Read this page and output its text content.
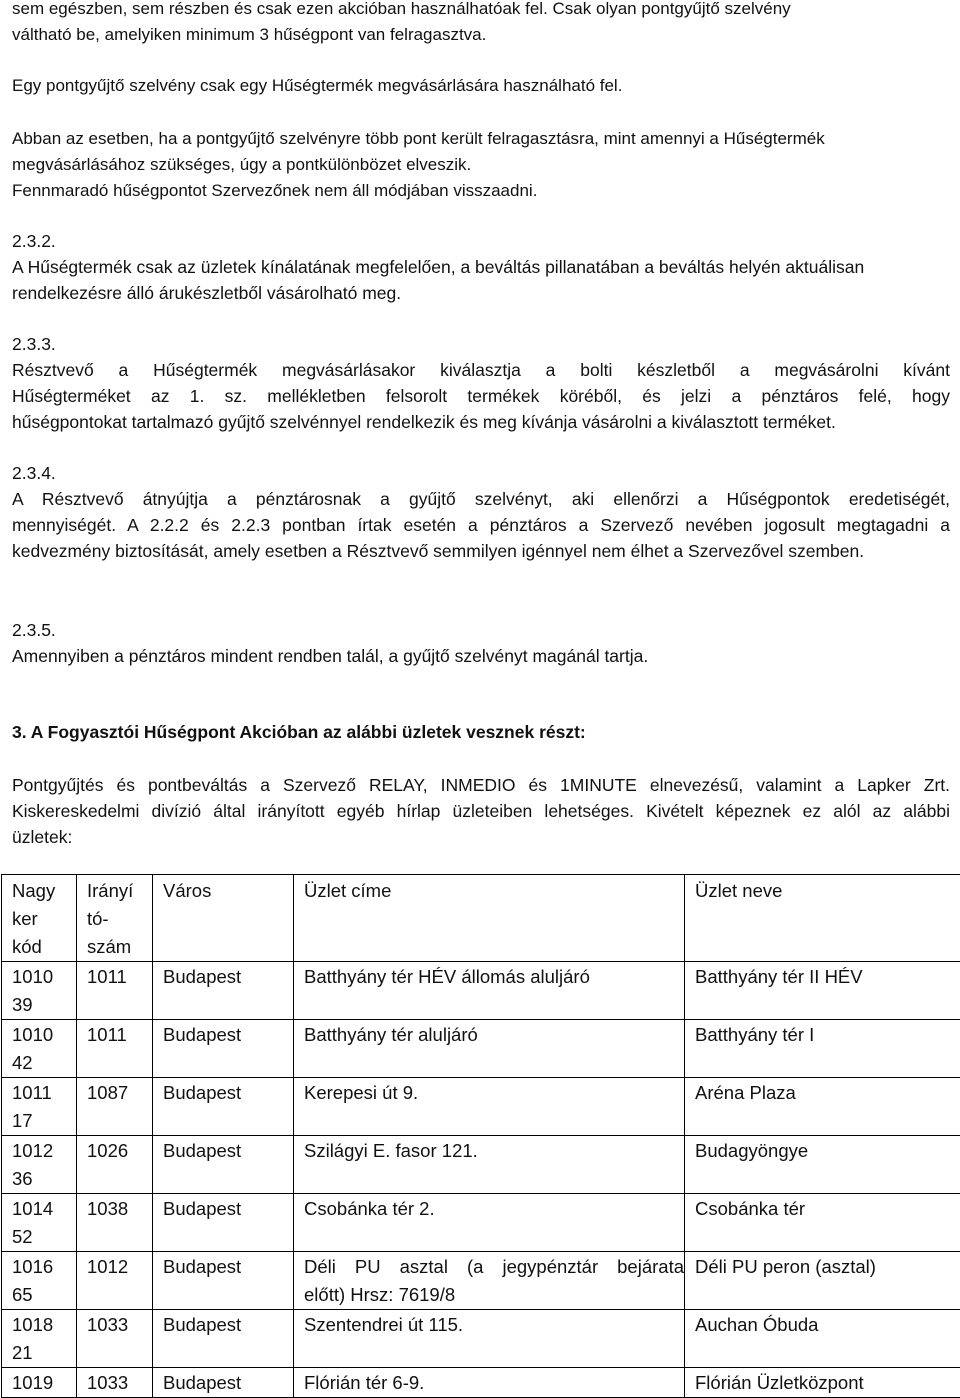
sem egészben, sem részben és csak ezen akcióban használhatóak fel. Csak olyan pontgyűjtő szelvény
váltható be, amelyiken minimum 3 hűségpont van felragasztva.
Egy pontgyűjtő szelvény csak egy Hűségtermék megvásárlására használható fel.
Abban az esetben, ha a pontgyűjtő szelvényre több pont került felragasztásra, mint amennyi a Hűségtermék
megvásárlásához szükséges, úgy a pontkülönbözet elveszik.
Fennmaradó hűségpontot Szervezőnek nem áll módjában visszaadni.
2.3.2.
A Hűségtermék csak az üzletek kínálatának megfelelően, a beváltás pillanatában a beváltás helyén aktuálisan
rendelkezésre álló árukészletből vásárolható meg.
2.3.3.
Résztvevő a Hűségtermék megvásárlásakor kiválasztja a bolti készletből a megvásárolni kívánt
Hűségterméket az 1. sz. mellékletben felsorolt termékek köréből, és jelzi a pénztáros felé, hogy
hűségpontokat tartalmazó gyűjtő szelvénnyel rendelkezik és meg kívánja vásárolni a kiválasztott terméket.
2.3.4.
A Résztvevő átnyújtja a pénztárosnak a gyűjtő szelvényt, aki ellenőrzi a Hűségpontok eredetiségét,
mennyiségét. A 2.2.2 és 2.2.3 pontban írtak esetén a pénztáros a Szervező nevében jogosult megtagadni a
kedvezmény biztosítását, amely esetben a Résztvevő semmilyen igénnyel nem élhet a Szervezővel szemben.
2.3.5.
Amennyiben a pénztáros mindent rendben talál, a gyűjtő szelvényt magánál tartja.
3. A Fogyasztói Hűségpont Akcióban az alábbi üzletek vesznek részt:
Pontgyűjtés és pontbeváltás a Szervező RELAY, INMEDIO és 1MINUTE elnevezésű, valamint a Lapker Zrt.
Kiskereskedelmi divízió által irányított egyéb hírlap üzleteiben lehetséges. Kivételt képeznek ez alól az alábbi
üzletek:
Nagy
ker
kód	Irányí
tó-
szám	Város	Üzlet címe	Üzlet neve

1010
39	1011	Budapest	Batthyány tér HÉV állomás aluljáró	Batthyány tér II HÉV

1010
42	1011	Budapest	Batthyány tér aluljáró	Batthyány tér I

1011
17	1087	Budapest	Kerepesi út 9.	Aréna Plaza

1012
36	1026	Budapest	Szilágyi E. fasor 121.	Budagyöngye

1014
52	1038	Budapest	Csobánka tér 2.	Csobánka tér

1016
65	1012	Budapest	Déli PU asztal (a jegypénztár bejárata
előtt) Hrsz: 7619/8	Déli PU peron (asztal)

1018
21	1033	Budapest	Szentendrei út 115.	Auchan Óbuda

1019	1033	Budapest	Flórián tér 6-9.	Flórián Üzletközpont
